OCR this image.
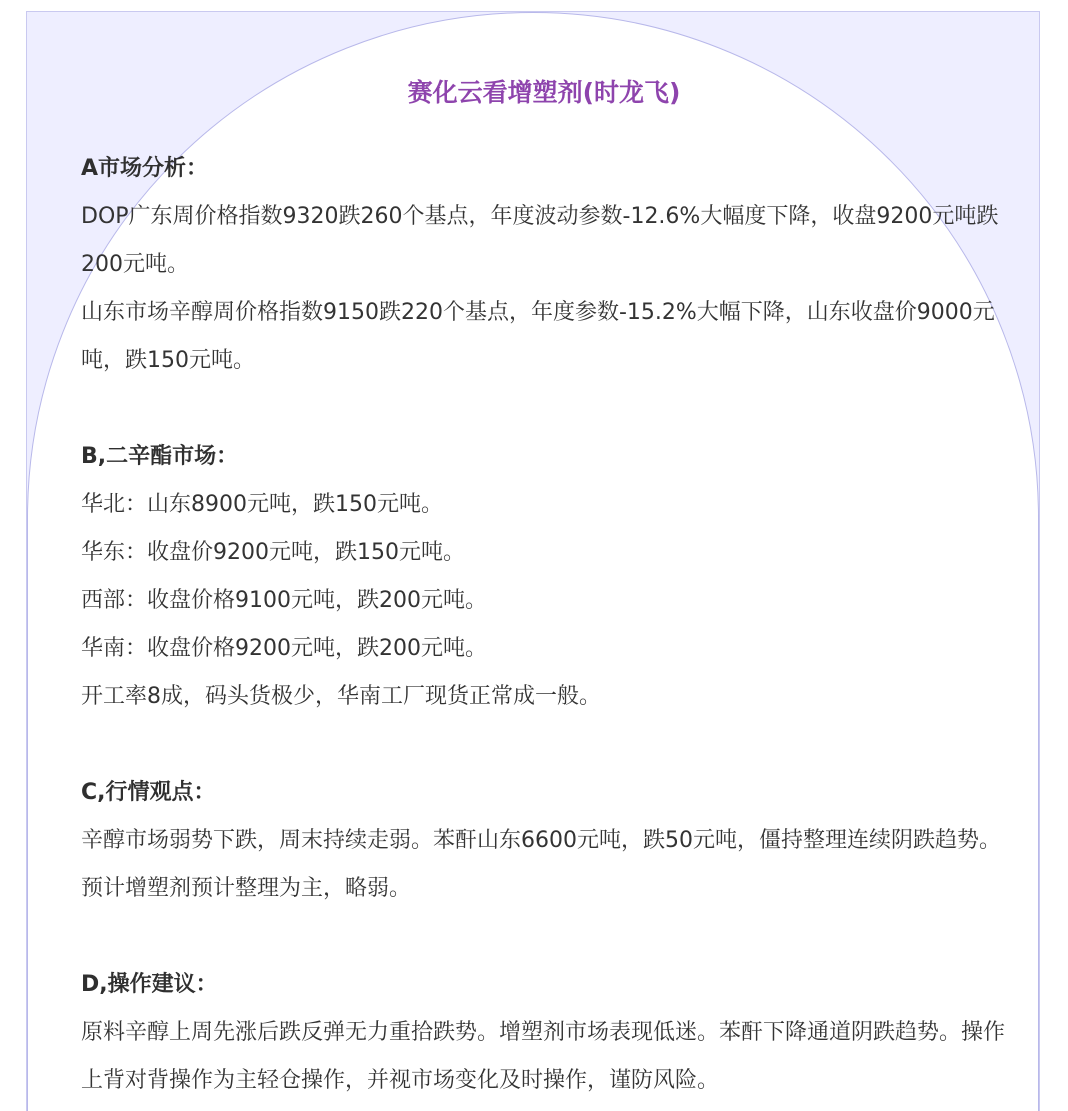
赛化云看增塑剂(时龙飞)

A市场分析：

DOP广东周价格指数9320跌260个基点，年度波动参数-12.6%大幅度下降，收盘9200元吨跌200元吨。

山东市场辛醇周价格指数9150跌220个基点，年度参数-15.2%大幅下降，山东收盘价9000元吨，跌150元吨。

B,二辛酯市场：

华北：山东8900元吨，跌150元吨。

华东：收盘价9200元吨，跌150元吨。

西部：收盘价格9100元吨，跌200元吨。

华南：收盘价格9200元吨，跌200元吨。

开工率8成，码头货极少，华南工厂现货正常成一般。

C,行情观点：

辛醇市场弱势下跌，周末持续走弱。苯酐山东6600元吨，跌50元吨，僵持整理连续阴跌趋势。预计增塑剂预计整理为主，略弱。

D,操作建议：

原料辛醇上周先涨后跌反弹无力重拾跌势。增塑剂市场表现低迷。苯酐下降通道阴跌趋势。操作上背对背操作为主轻仓操作，并视市场变化及时操作，谨防风险。
